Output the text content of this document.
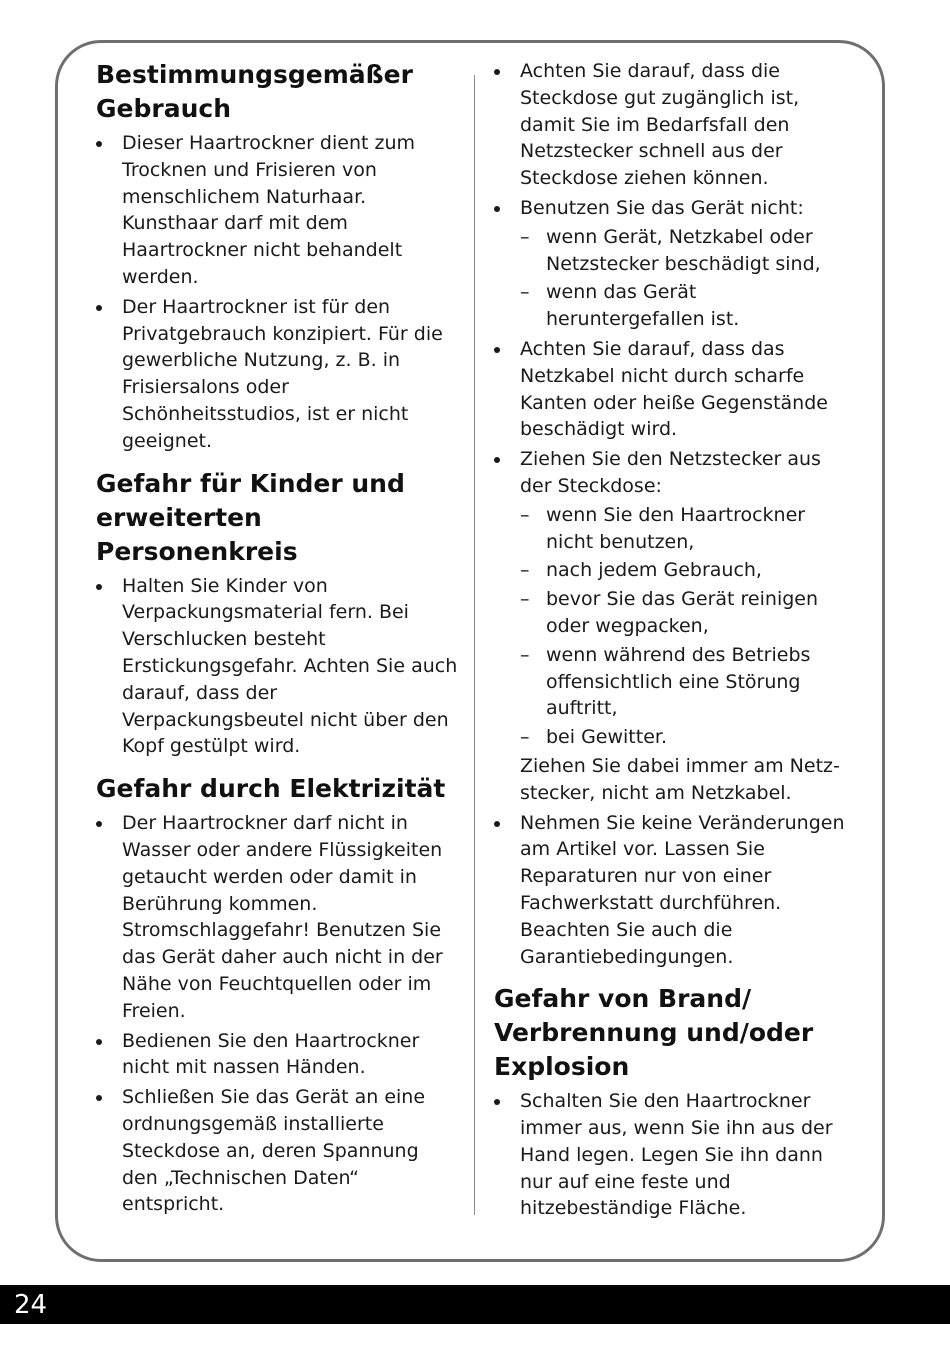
Bestimmungsgemäßer Gebrauch
Dieser Haartrockner dient zum Trocknen und Frisieren von menschlichem Naturhaar. Kunsthaar darf mit dem Haartrockner nicht behandelt werden.
Der Haartrockner ist für den Privatgebrauch konzipiert. Für die gewerbliche Nutzung, z. B. in Frisiersalons oder Schönheitsstudios, ist er nicht geeignet.
Gefahr für Kinder und erweiterten Personenkreis
Halten Sie Kinder von Verpackungsmaterial fern. Bei Verschlucken besteht Erstickungsgefahr. Achten Sie auch darauf, dass der Verpackungsbeutel nicht über den Kopf gestülpt wird.
Gefahr durch Elektrizität
Der Haartrockner darf nicht in Wasser oder andere Flüssigkeiten getaucht werden oder damit in Berührung kommen. Stromschlaggefahr! Benutzen Sie das Gerät daher auch nicht in der Nähe von Feuchtquellen oder im Freien.
Bedienen Sie den Haartrockner nicht mit nassen Händen.
Schließen Sie das Gerät an eine ordnungsgemäß installierte Steckdose an, deren Spannung den „Technischen Daten“ entspricht.
Achten Sie darauf, dass die Steckdose gut zugänglich ist, damit Sie im Bedarfsfall den Netzstecker schnell aus der Steckdose ziehen können.
Benutzen Sie das Gerät nicht:
– wenn Gerät, Netzkabel oder Netzstecker beschädigt sind,
– wenn das Gerät heruntergefallen ist.
Achten Sie darauf, dass das Netzkabel nicht durch scharfe Kanten oder heiße Gegenstände beschädigt wird.
Ziehen Sie den Netzstecker aus der Steckdose:
– wenn Sie den Haartrockner nicht benutzen,
– nach jedem Gebrauch,
– bevor Sie das Gerät reinigen oder wegpacken,
– wenn während des Betriebs offensichtlich eine Störung auftritt,
– bei Gewitter.
Ziehen Sie dabei immer am Netz-stecker, nicht am Netzkabel.
Nehmen Sie keine Veränderungen am Artikel vor. Lassen Sie Reparaturen nur von einer Fachwerkstatt durchführen. Beachten Sie auch die Garantiebedingungen.
Gefahr von Brand/ Verbrennung und/oder Explosion
Schalten Sie den Haartrockner immer aus, wenn Sie ihn aus der Hand legen. Legen Sie ihn dann nur auf eine feste und hitzebeständige Fläche.
24
